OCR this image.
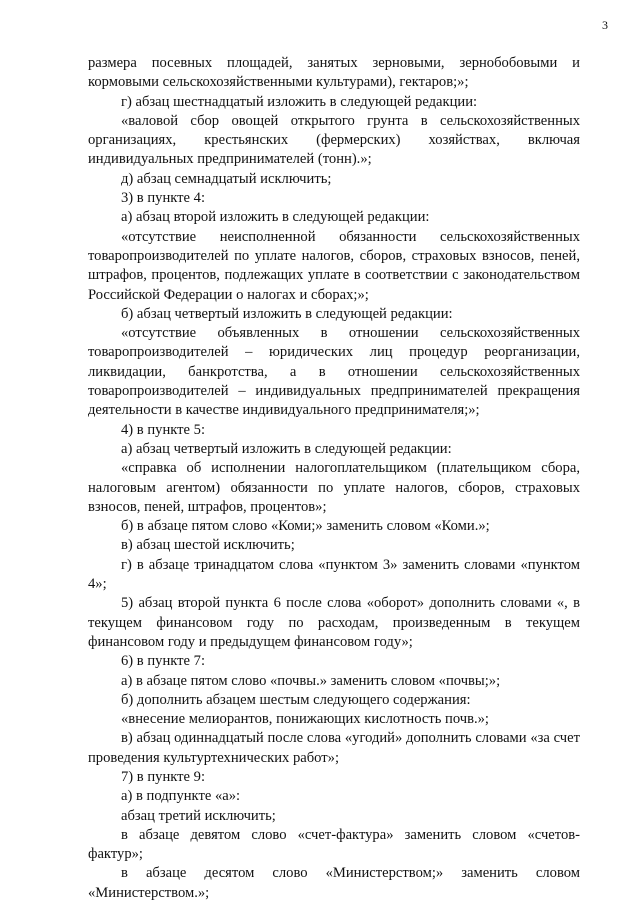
3

размера посевных площадей, занятых зерновыми, зернобобовыми и кормовыми сельскохозяйственными культурами), гектаров;»;

г) абзац шестнадцатый изложить в следующей редакции:

«валовой сбор овощей открытого грунта в сельскохозяйственных организациях, крестьянских (фермерских) хозяйствах, включая индивидуальных предпринимателей (тонн).»;

д) абзац семнадцатый исключить;

3) в пункте 4:

а) абзац второй изложить в следующей редакции:

«отсутствие неисполненной обязанности сельскохозяйственных товаропроизводителей по уплате налогов, сборов, страховых взносов, пеней, штрафов, процентов, подлежащих уплате в соответствии с законодательством Российской Федерации о налогах и сборах;»;

б) абзац четвертый изложить в следующей редакции:

«отсутствие объявленных в отношении сельскохозяйственных товаропроизводителей – юридических лиц процедур реорганизации, ликвидации, банкротства, а в отношении сельскохозяйственных товаропроизводителей – индивидуальных предпринимателей прекращения деятельности в качестве индивидуального предпринимателя;»;

4) в пункте 5:

а) абзац четвертый изложить в следующей редакции:

«справка об исполнении налогоплательщиком (плательщиком сбора, налоговым агентом) обязанности по уплате налогов, сборов, страховых взносов, пеней, штрафов, процентов»;

б) в абзаце пятом слово «Коми;» заменить словом «Коми.»;

в) абзац шестой исключить;

г) в абзаце тринадцатом слова «пунктом 3» заменить словами «пунктом 4»;

5) абзац второй пункта 6 после слова «оборот» дополнить словами «, в текущем финансовом году по расходам, произведенным в текущем финансовом году и предыдущем финансовом году»;

6) в пункте 7:

а) в абзаце пятом слово «почвы.» заменить словом «почвы;»;

б) дополнить абзацем шестым следующего содержания:

«внесение мелиорантов, понижающих кислотность почв.»;

в) абзац одиннадцатый после слова «угодий» дополнить словами «за счет проведения культуртехнических работ»;

7) в пункте 9:

а) в подпункте «а»:

абзац третий исключить;

в абзаце девятом слово «счет-фактура» заменить словом «счетов- фактур»;

в абзаце десятом слово «Министерством;» заменить словом «Министерством.»;
